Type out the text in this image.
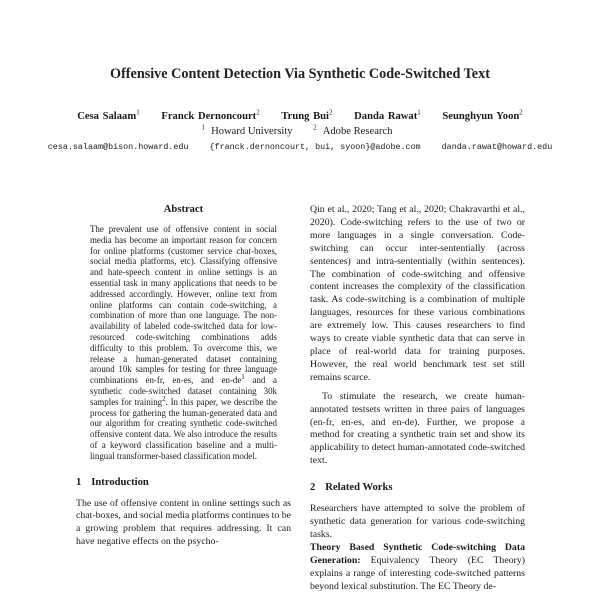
Offensive Content Detection Via Synthetic Code-Switched Text
Cesa Salaam$^1$ Franck Dernoncourt$^2$ Trung Bui$^2$ Danda Rawat$^1$ Seunghyun Yoon$^2$
$^1$ Howard University	$^2$ Adobe Research
cesa.salaam@bison.howard.edu	{franck.dernoncourt, bui, syoon}@adobe.com	danda.rawat@howard.edu
Abstract

The prevalent use of offensive content in social media has become an important reason for concern for online platforms (customer service chat-boxes, social media platforms, etc). Classifying offensive and hate-speech content in online settings is an essential task in many applications that needs to be addressed accordingly. However, online text from online platforms can contain code-switching, a combination of more than one language. The non-availability of labeled code-switched data for low-resourced code-switching combinations adds difficulty to this problem. To overcome this, we release a human-generated dataset containing around 10k samples for testing for three language combinations en-fr, en-es, and $en-de^1$ and a synthetic code-switched dataset containing 30k samples for training$^2$. In this paper, we describe the process for gathering the human-generated data and our algorithm for creating synthetic code-switched offensive content data. We also introduce the results of a keyword classification baseline and a multi-lingual transformer-based classification model.

1 Introduction

The use of offensive content in online settings such as chat-boxes, and social media platforms continues to be a growing problem that requires addressing. It can have negative effects on the psycho-

Qin et al., 2020; Tang et al., 2020; Chakravarthi et al., 2020). Code-switching refers to the use of two or more languages in a single conversation. Code-switching can occur inter-sententially (across sentences) and intra-sententially (within sentences). The combination of code-switching and offensive content increases the complexity of the classification task. As code-switching is a combination of multiple languages, resources for these various combinations are extremely low. This causes researchers to find ways to create viable synthetic data that can serve in place of real-world data for training purposes. However, the real world benchmark test set still remains scarce.

To stimulate the research, we create human-annotated testsets written in three pairs of languages (en-fr, en-es, and en-de). Further, we propose a method for creating a synthetic train set and show its applicability to detect human-annotated code-switched text.

2 Related Works

Researchers have attempted to solve the problem of synthetic data generation for various code-switching tasks.

Theory Based Synthetic Code-switching Data Generation: Equivalency Theory (EC Theory) explains a range of interesting code-switched patterns beyond lexical substitution. The EC Theory de-
